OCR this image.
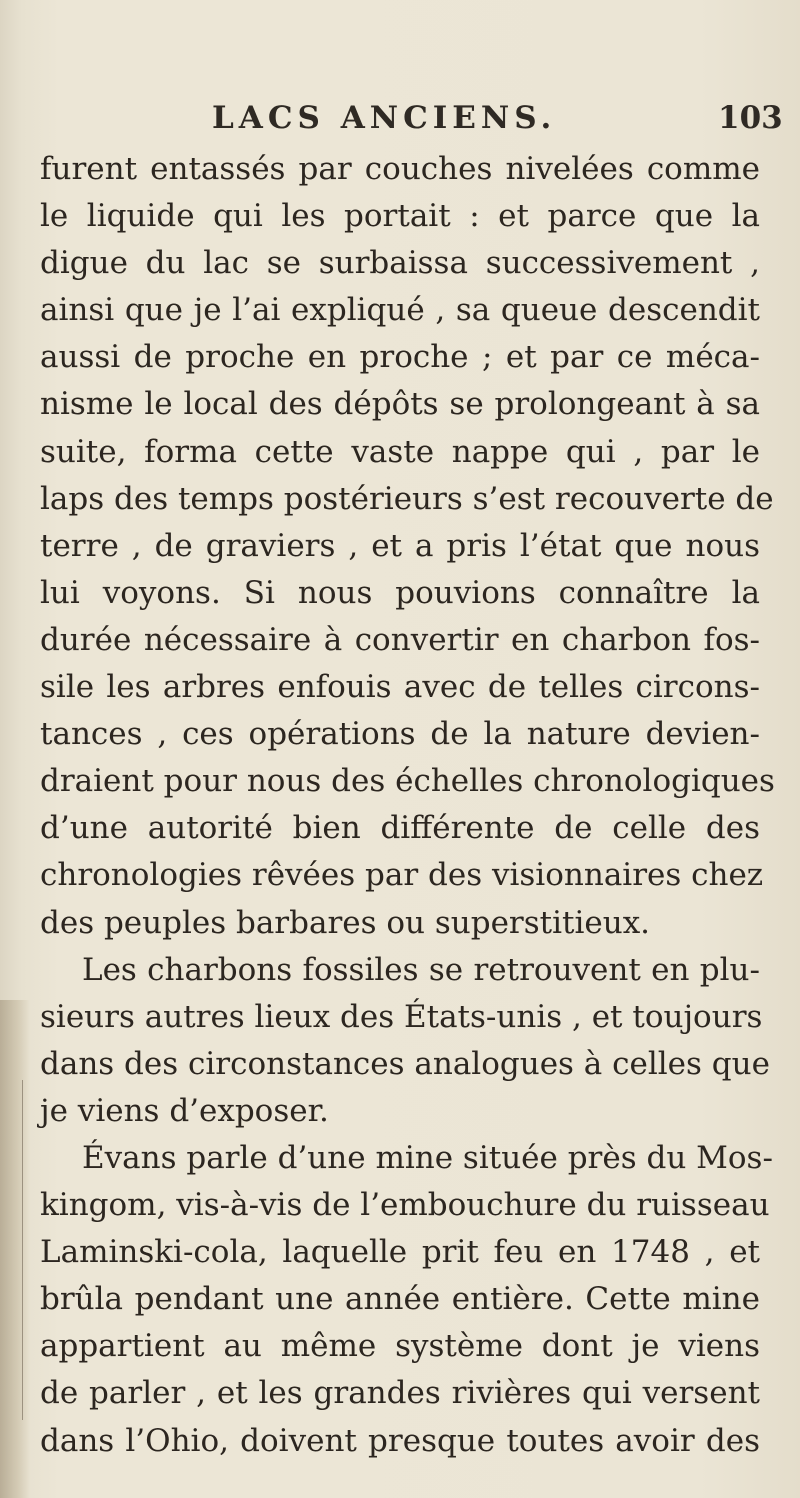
LACS ANCIENS.	103
furent entassés par couches nivelées comme
le liquide qui les portait : et parce que la
digue du lac se surbaissa successivement ,
ainsi que je l’ai expliqué , sa queue descendit
aussi de proche en proche ; et par ce méca-
nisme le local des dépôts se prolongeant à sa
suite, forma cette vaste nappe qui , par le
laps des temps postérieurs s’est recouverte de
terre , de graviers , et a pris l’état que nous
lui voyons. Si nous pouvions connaître la
durée nécessaire à convertir en charbon fos-
sile les arbres enfouis avec de telles circons-
tances , ces opérations de la nature devien-
draient pour nous des échelles chronologiques
d’une autorité bien différente de celle des
chronologies rêvées par des visionnaires chez
des peuples barbares ou superstitieux.
Les charbons fossiles se retrouvent en plu-
sieurs autres lieux des États-unis , et toujours
dans des circonstances analogues à celles que
je viens d’exposer.
Évans parle d’une mine située près du Mos-
kingom, vis-à-vis de l’embouchure du ruisseau
Laminski-cola, laquelle prit feu en 1748 , et
brûla pendant une année entière. Cette mine
appartient au même système dont je viens
de parler , et les grandes rivières qui versent
dans l’Ohio, doivent presque toutes avoir des
